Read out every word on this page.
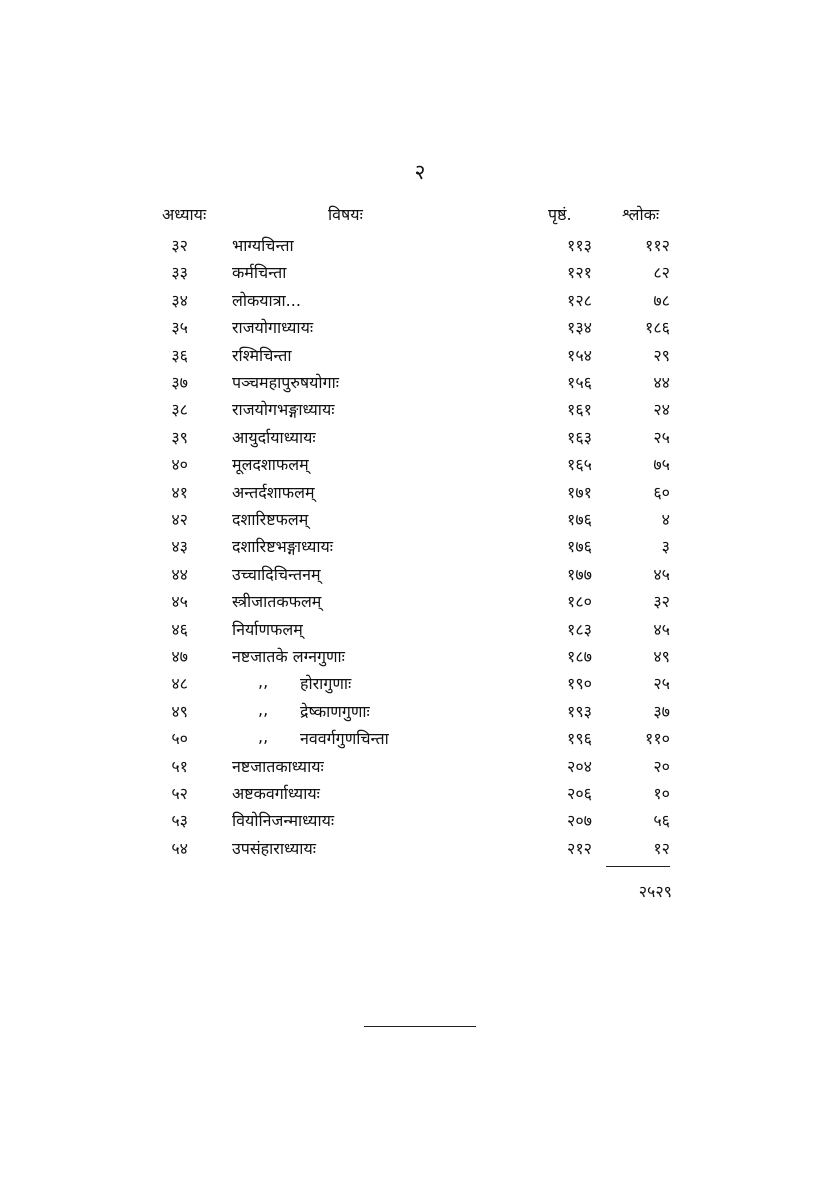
२
अध्यायः	विषयः	पृष्ठं.	श्लोकः
३२	भाग्यचिन्ता	११३	११२
३३	कर्मचिन्ता	१२१	८२
३४	लोकयात्रा...	१२८	७८
३५	राजयोगाध्यायः	१३४	१८६
३६	रश्मिचिन्ता	१५४	२९
३७	पञ्चमहापुरुषयोगाः	१५६	४४
३८	राजयोगभङ्गाध्यायः	१६१	२४
३९	आयुर्दायाध्यायः	१६३	२५
४०	मूलदशाफलम्	१६५	७५
४१	अन्तर्दशाफलम्	१७१	६०
४२	दशारिष्टफलम्	१७६	४
४३	दशारिष्टभङ्गाध्यायः	१७६	३
४४	उच्चादिचिन्तनम्	१७७	४५
४५	स्त्रीजातकफलम्	१८०	३२
४६	निर्याणफलम्	१८३	४५
४७	नष्टजातके लग्नगुणाः	१८७	४९
४८	,, होरागुणाः	१९०	२५
४९	,, द्रेष्काणगुणाः	१९३	३७
५०	,, नववर्गगुणचिन्ता	१९६	११०
५१	नष्टजातकाध्यायः	२०४	२०
५२	अष्टकवर्गाध्यायः	२०६	१०
५३	वियोनिजन्माध्यायः	२०७	५६
५४	उपसंहाराध्यायः	२१२	१२
२५२९
